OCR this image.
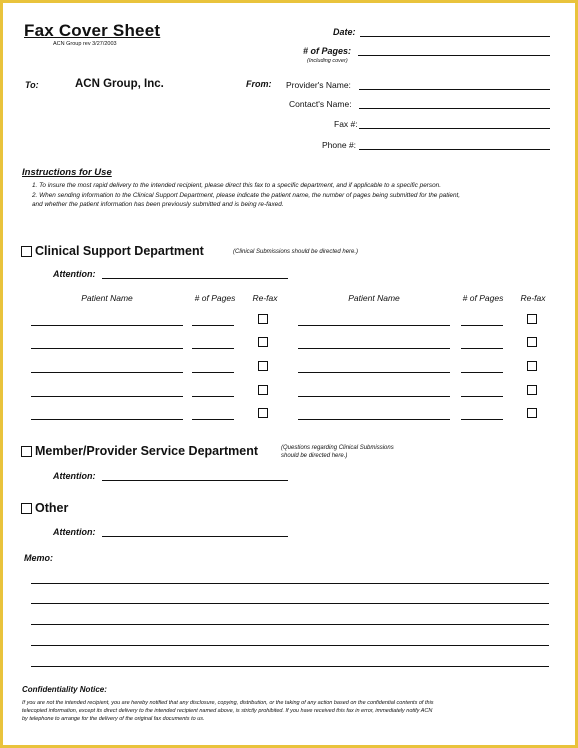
Fax Cover Sheet
ACN Group rev 3/27/2003
Date:
# of Pages:
(Including cover)
To:	ACN Group, Inc.	From: Provider's Name:
Contact's Name:
Fax #:
Phone #:
Instructions for Use
1. To insure the most rapid delivery to the intended recipient, please direct this fax to a specific department, and if applicable to a specific person.
2. When sending information to the Clinical Support Department, please indicate the patient name, the number of pages being submitted for the patient,
and whether the patient information has been previously submitted and is being re-faxed.
Clinical Support Department	(Clinical Submissions should be directed here.)
Attention:
Patient Name	# of Pages	Re-fax	Patient Name	# of Pages	Re-fax
Member/Provider Service Department	(Questions regarding Clinical Submissions
should be directed here.)
Attention:
Other
Attention:
Memo:
Confidentiality Notice:
If you are not the intended recipient, you are hereby notified that any disclosure, copying, distribution, or the taking of any action based on the confidential contents of this
telecopied information, except its direct delivery to the intended recipient named above, is strictly prohibited. If you have received this fax in error, immediately notify ACN
by telephone to arrange for the delivery of the original fax documents to us.
